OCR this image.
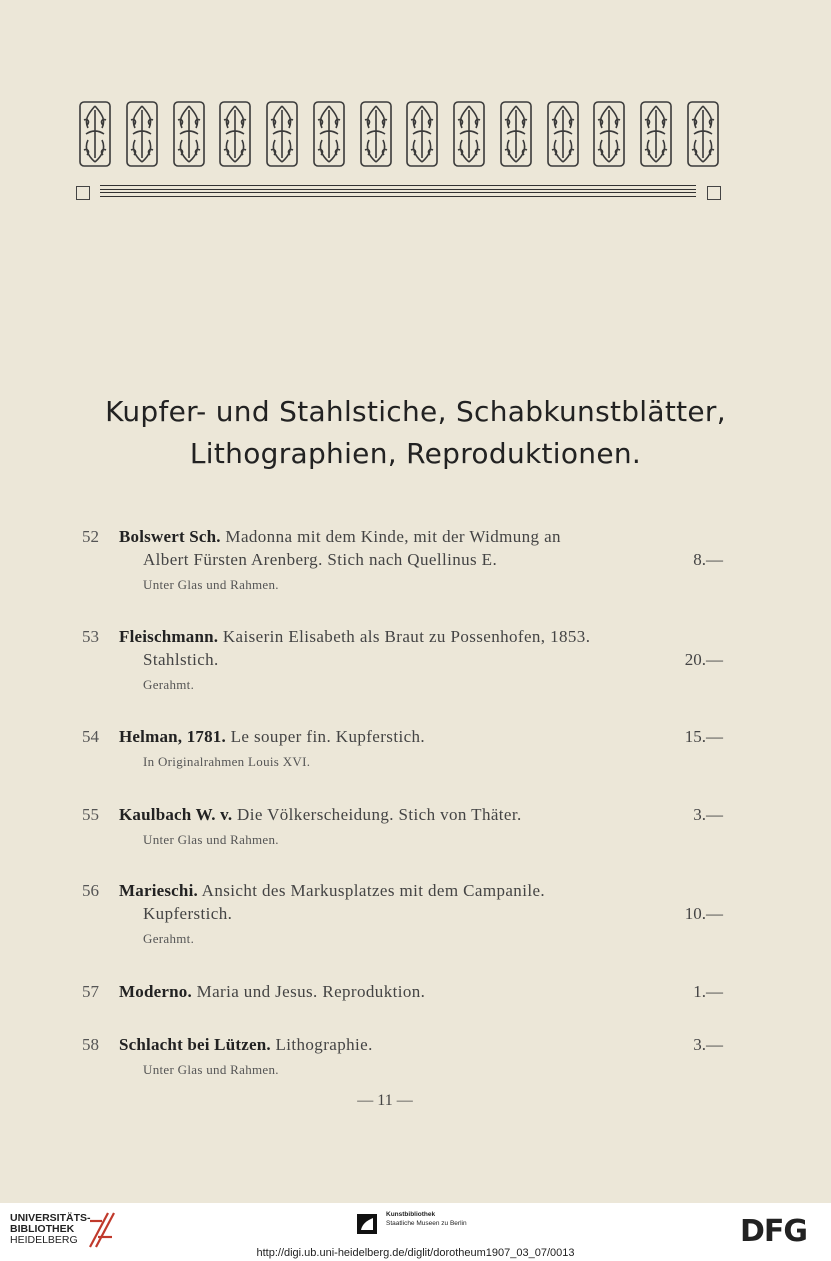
Kupfer- und Stahlstiche, Schabkunstblätter,
Lithographien, Reproduktionen.
52 Bolswert Sch. Madonna mit dem Kinde, mit der Widmung an
Albert Fürsten Arenberg. Stich nach Quellinus E.	8.—
Unter Glas und Rahmen.
53 Fleischmann. Kaiserin Elisabeth als Braut zu Possenhofen, 1853.
Stahlstich.	20.—
Gerahmt.
54 Helman, 1781. Le souper fin. Kupferstich.	15.—
In Originalrahmen Louis XVI.
55 Kaulbach W. v. Die Völkerscheidung. Stich von Thäter.	3.—
Unter Glas und Rahmen.
56 Marieschi. Ansicht des Markusplatzes mit dem Campanile.
Kupferstich.	10.—
Gerahmt.
57 Moderno. Maria und Jesus. Reproduktion.	1.—
58 Schlacht bei Lützen. Lithographie.	3.—
Unter Glas und Rahmen.
— 11 —
UNIVERSITÄTS-
BIBLIOTHEK
HEIDELBERG
Kunstbibliothek
Staatliche Museen zu Berlin	DFG
http://digi.ub.uni-heidelberg.de/diglit/dorotheum1907_03_07/0013
